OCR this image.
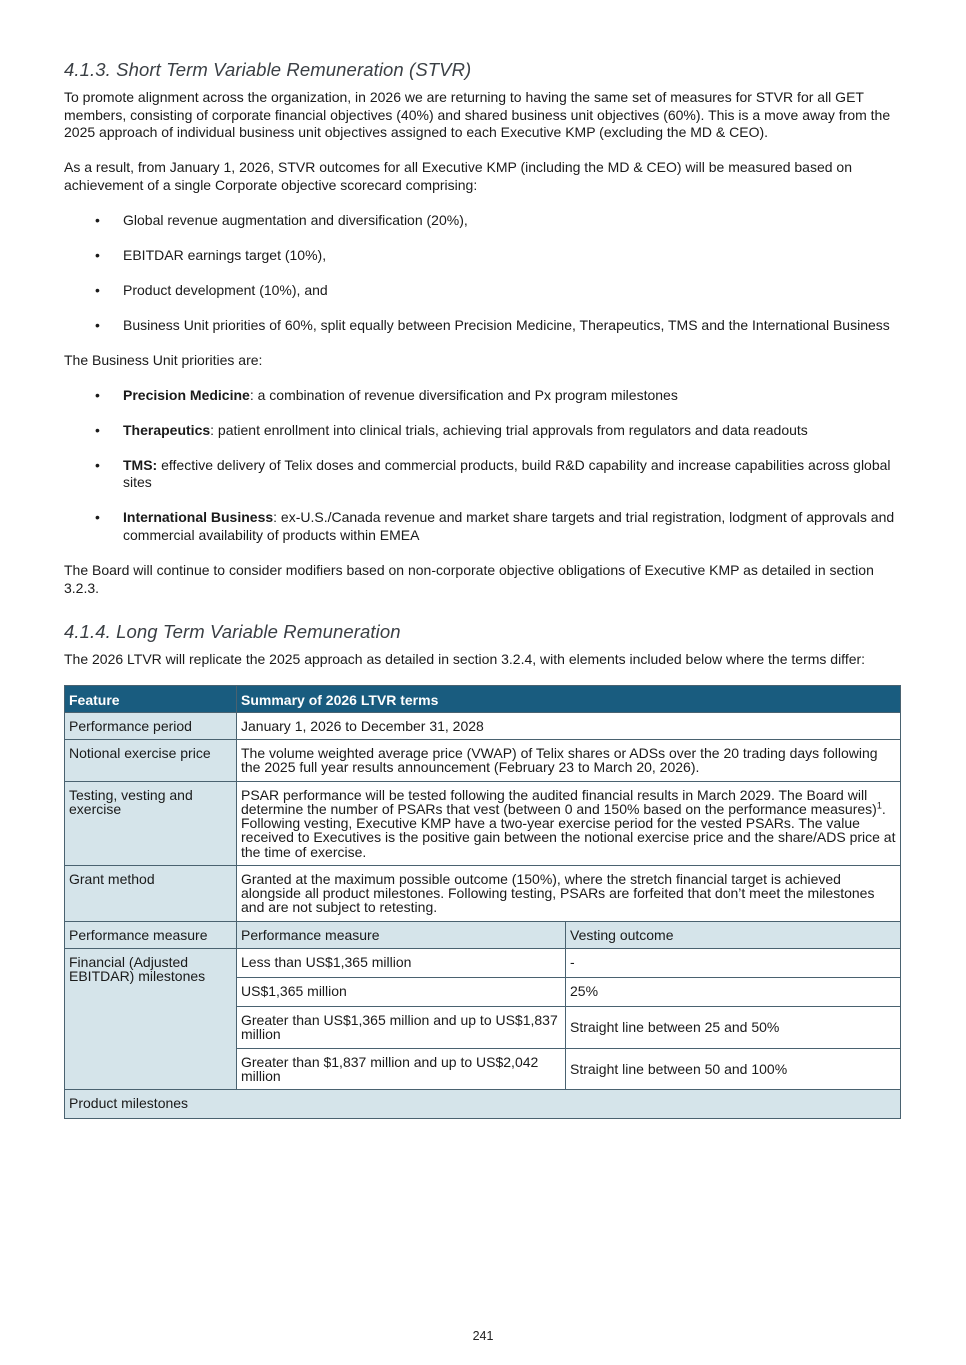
4.1.3. Short Term Variable Remuneration (STVR)

To promote alignment across the organization, in 2026 we are returning to having the same set of measures for STVR for all GET members, consisting of corporate financial objectives (40%) and shared business unit objectives (60%). This is a move away from the 2025 approach of individual business unit objectives assigned to each Executive KMP (excluding the MD & CEO).

As a result, from January 1, 2026, STVR outcomes for all Executive KMP (including the MD & CEO) will be measured based on achievement of a single Corporate objective scorecard comprising:

• Global revenue augmentation and diversification (20%),
• EBITDAR earnings target (10%),
• Product development (10%), and
• Business Unit priorities of 60%, split equally between Precision Medicine, Therapeutics, TMS and the International Business

The Business Unit priorities are:

• Precision Medicine: a combination of revenue diversification and Px program milestones
• Therapeutics: patient enrollment into clinical trials, achieving trial approvals from regulators and data readouts
• TMS: effective delivery of Telix doses and commercial products, build R&D capability and increase capabilities across global sites
• International Business: ex-U.S./Canada revenue and market share targets and trial registration, lodgment of approvals and commercial availability of products within EMEA

The Board will continue to consider modifiers based on non-corporate objective obligations of Executive KMP as detailed in section 3.2.3.

4.1.4. Long Term Variable Remuneration

The 2026 LTVR will replicate the 2025 approach as detailed in section 3.2.4, with elements included below where the terms differ:

Feature	Summary of 2026 LTVR terms	
Performance period	January 1, 2026 to December 31, 2028	
Notional exercise price	The volume weighted average price (VWAP) of Telix shares or ADSs over the 20 trading days following the 2025 full year results announcement (February 23 to March 20, 2026).	
Testing, vesting and exercise	PSAR performance will be tested following the audited financial results in March 2029. The Board will determine the number of PSARs that vest (between 0 and 150% based on the performance measures)$^1$. Following vesting, Executive KMP have a two-year exercise period for the vested PSARs. The value received to Executives is the positive gain between the notional exercise price and the share/ADS price at the time of exercise.	
Grant method	Granted at the maximum possible outcome (150%), where the stretch financial target is achieved alongside all product milestones. Following testing, PSARs are forfeited that don’t meet the milestones and are not subject to retesting.	
Performance measure	Performance measure	Vesting outcome
Financial (Adjusted EBITDAR) milestones	Less than US$1,365 million	-
	US$1,365 million	25%
	Greater than US$1,365 million and up to US$1,837 million	Straight line between 25 and 50%
	Greater than $1,837 million and up to US$2,042 million	Straight line between 50 and 100%
Product milestones		
241
